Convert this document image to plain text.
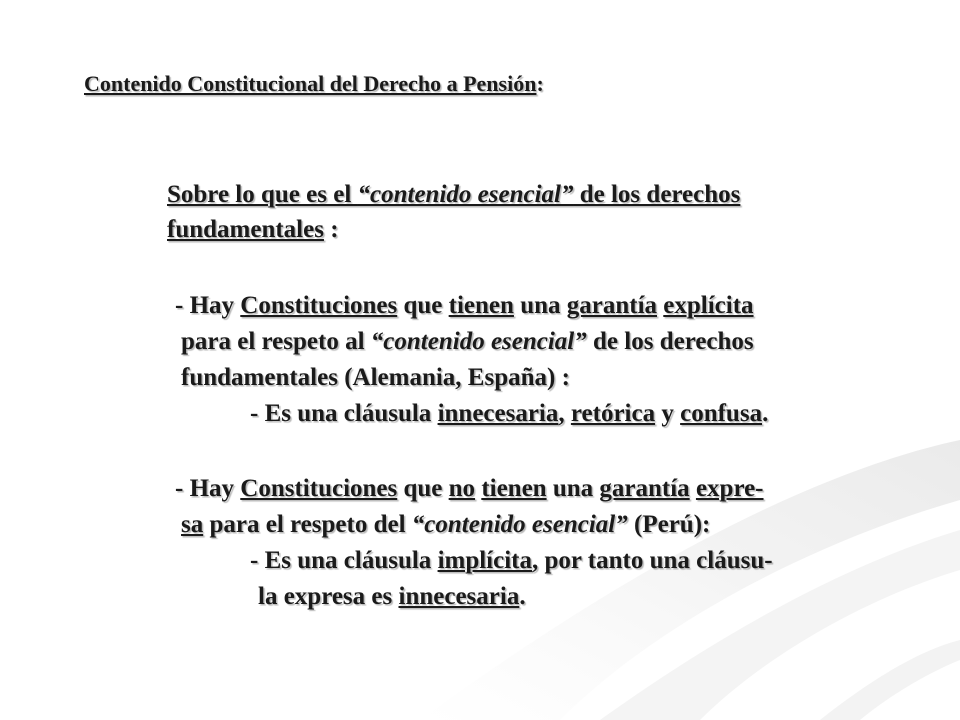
Contenido Constitucional del Derecho a Pensión:
Sobre lo que es el “contenido esencial” de los derechos
fundamentales :
- Hay Constituciones que tienen una garantía explícita
para el respeto al “contenido esencial” de los derechos
fundamentales (Alemania, España) :
- Es una cláusula innecesaria, retórica y confusa.
- Hay Constituciones que no tienen una garantía expre-
sa para el respeto del “contenido esencial” (Perú):
- Es una cláusula implícita, por tanto una cláusu-
la expresa es innecesaria.
